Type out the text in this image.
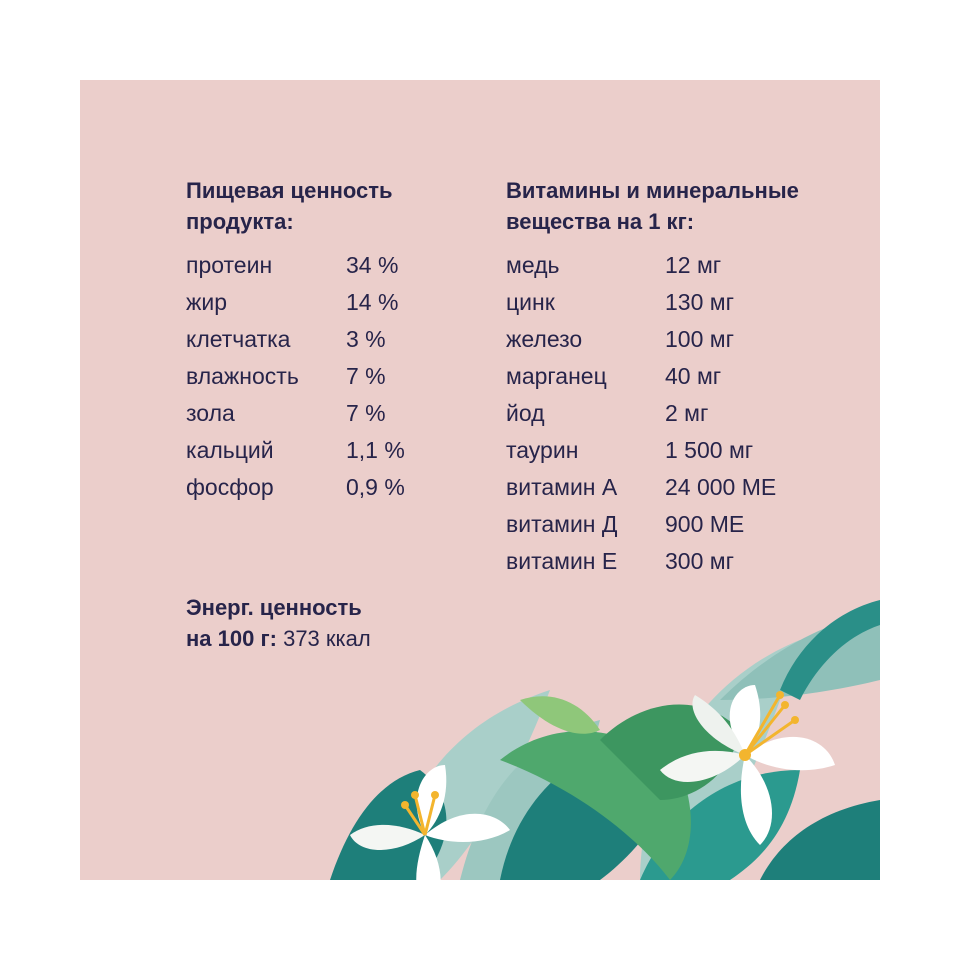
Пищевая ценность
продукта:
протеин	34 %
жир	14 %
клетчатка	3 %
влажность	7 %
зола	7 %
кальций	1,1 %
фосфор	0,9 %
Витамины и минеральные
вещества на 1 кг:
медь	12 мг
цинк	130 мг
железо	100 мг
марганец	40 мг
йод	2 мг
таурин	1 500 мг
витамин А	24 000 МЕ
витамин Д	900 МЕ
витамин Е	300 мг
Энерг. ценность
на 100 г: 373 ккал
